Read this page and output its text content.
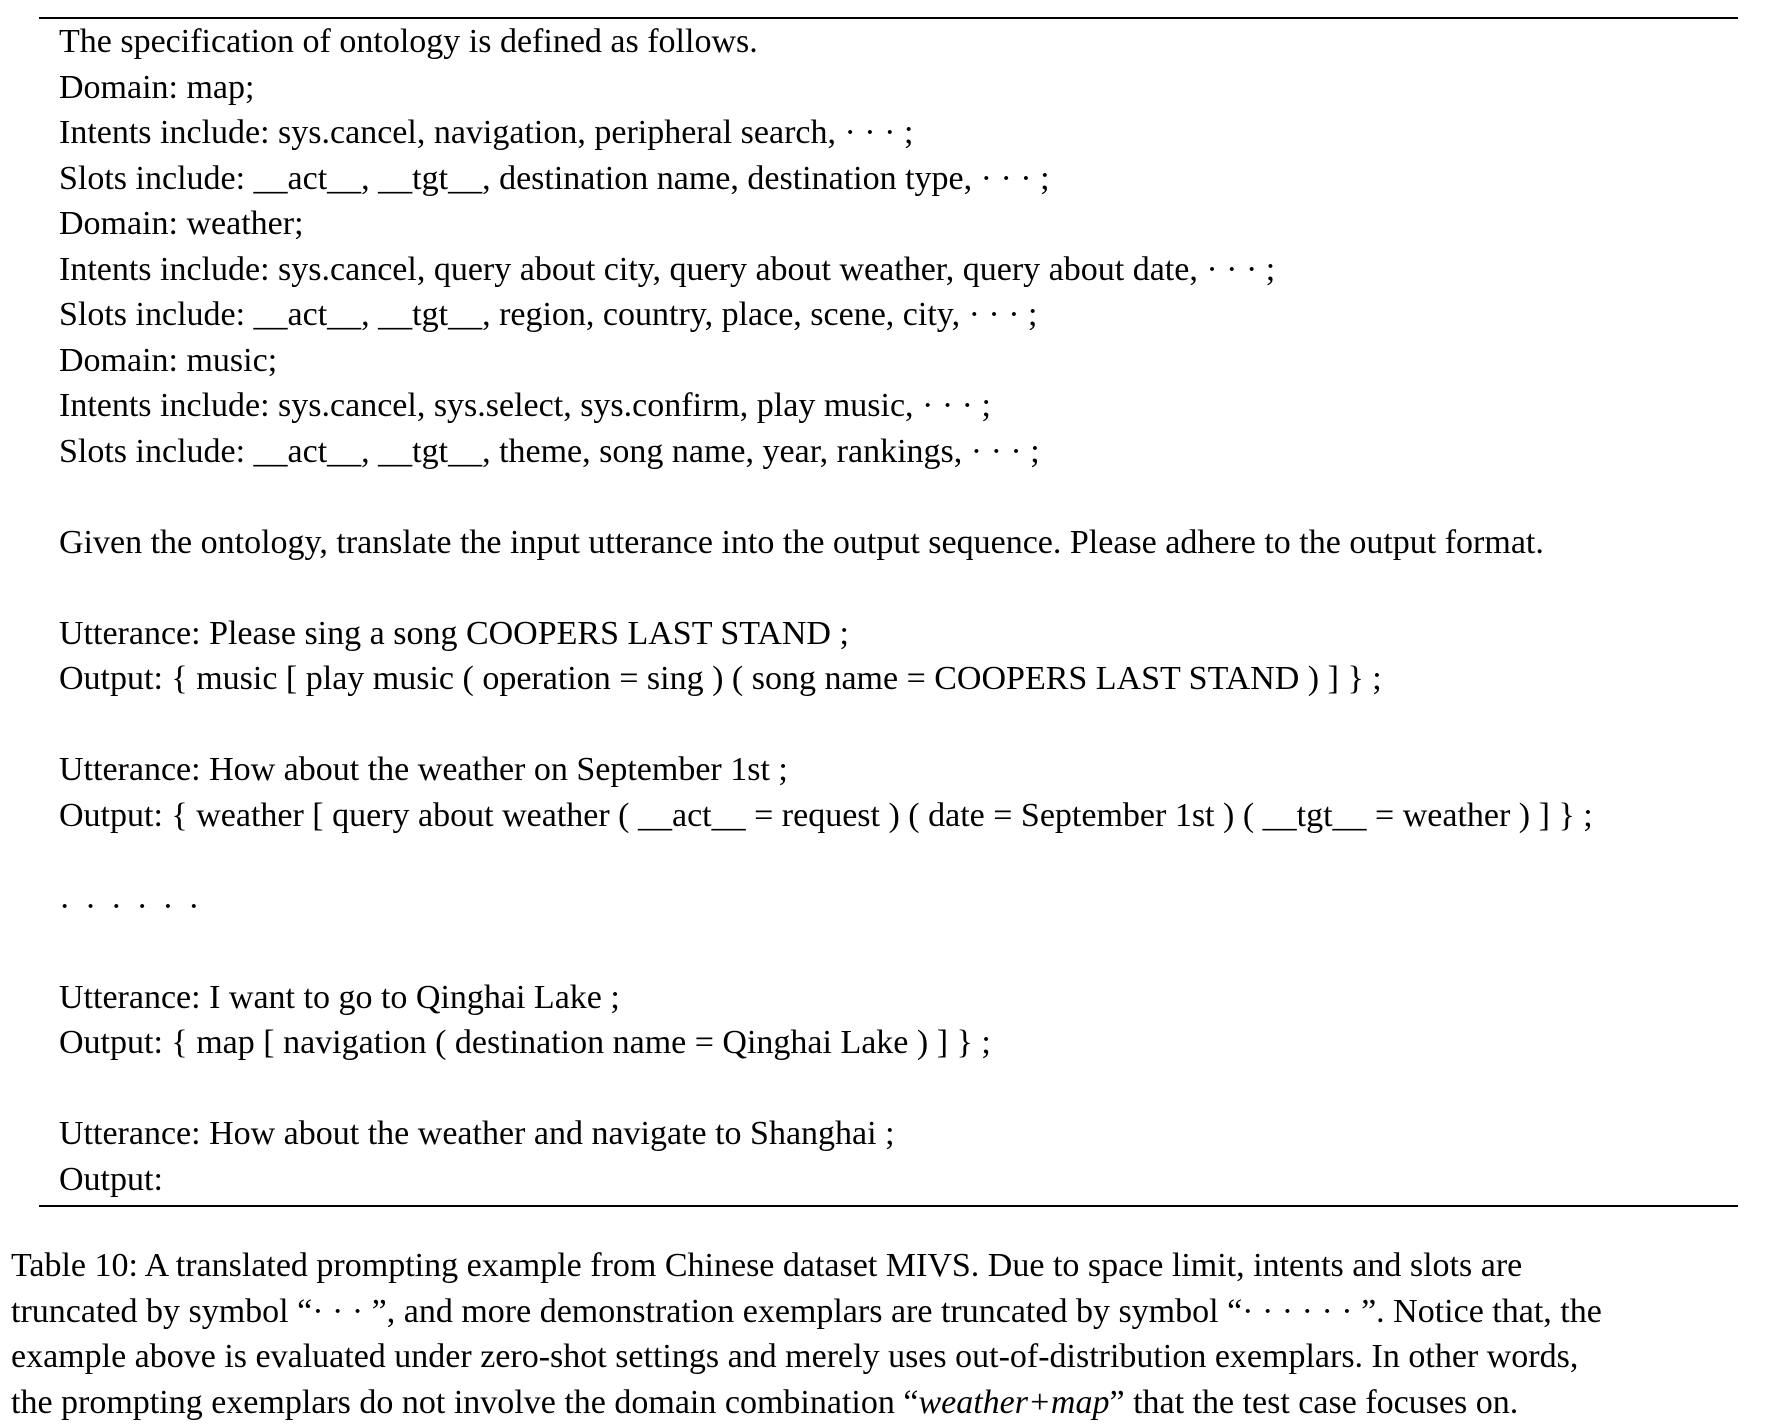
The specification of ontology is defined as follows.
Domain: map;
Intents include: sys.cancel, navigation, peripheral search, · · · ;
Slots include: __act__, __tgt__, destination name, destination type, · · · ;
Domain: weather;
Intents include: sys.cancel, query about city, query about weather, query about date, · · · ;
Slots include: __act__, __tgt__, region, country, place, scene, city, · · · ;
Domain: music;
Intents include: sys.cancel, sys.select, sys.confirm, play music, · · · ;
Slots include: __act__, __tgt__, theme, song name, year, rankings, · · · ;
Given the ontology, translate the input utterance into the output sequence. Please adhere to the output format.
Utterance: Please sing a song COOPERS LAST STAND ;
Output: { music [ play music ( operation = sing ) ( song name = COOPERS LAST STAND ) ] } ;
Utterance: How about the weather on September 1st ;
Output: { weather [ query about weather ( __act__ = request ) ( date = September 1st ) ( __tgt__ = weather ) ] } ;
· · · · · ·
Utterance: I want to go to Qinghai Lake ;
Output: { map [ navigation ( destination name = Qinghai Lake ) ] } ;
Utterance: How about the weather and navigate to Shanghai ;
Output:
Table 10: A translated prompting example from Chinese dataset MIVS. Due to space limit, intents and slots are
truncated by symbol “· · · ”, and more demonstration exemplars are truncated by symbol “· · · · · · ”. Notice that, the
example above is evaluated under zero-shot settings and merely uses out-of-distribution exemplars. In other words,
the prompting exemplars do not involve the domain combination “weather+map” that the test case focuses on.
